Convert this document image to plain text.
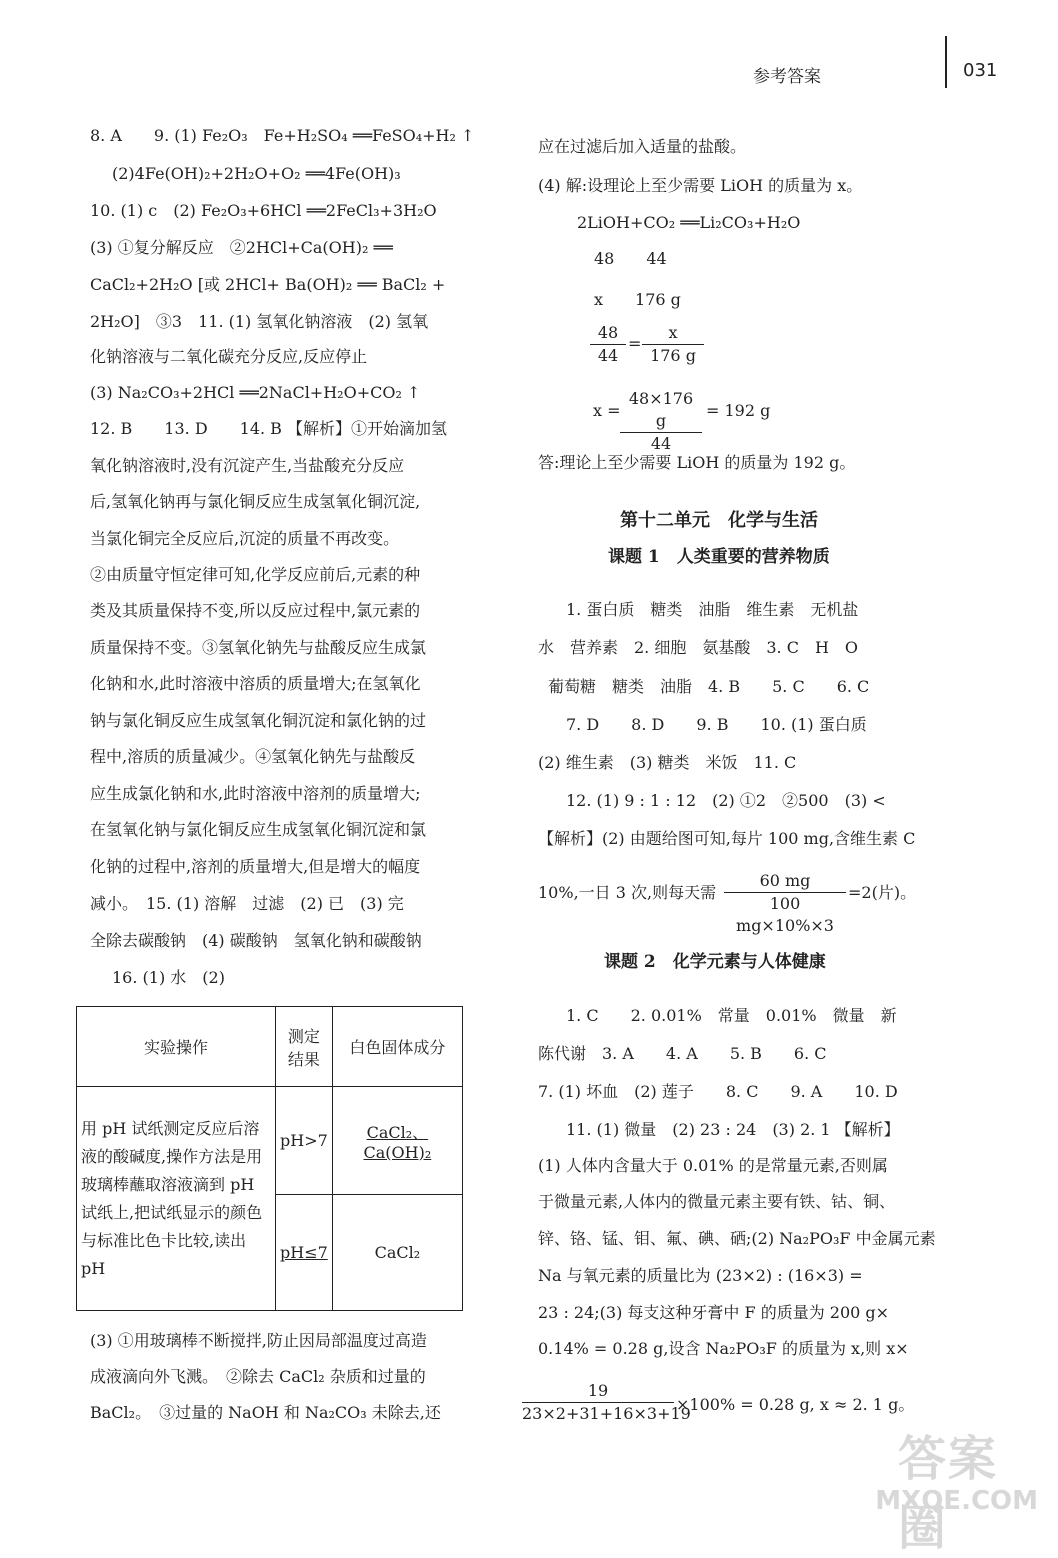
参考答案	031
8. A　　9. (1) Fe₂O₃　Fe+H₂SO₄ ══FeSO₄+H₂ ↑
(2)4Fe(OH)₂+2H₂O+O₂ ══4Fe(OH)₃
10. (1) c　(2) Fe₂O₃+6HCl ══2FeCl₃+3H₂O
(3) ①复分解反应　②2HCl+Ca(OH)₂ ══
CaCl₂+2H₂O [或 2HCl+ Ba(OH)₂ ══ BaCl₂ +
2H₂O]　③3　11. (1) 氢氧化钠溶液　(2) 氢氧
化钠溶液与二氧化碳充分反应,反应停止
(3) Na₂CO₃+2HCl ══2NaCl+H₂O+CO₂ ↑
12. B　　13. D　　14. B 【解析】①开始滴加氢
氧化钠溶液时,没有沉淀产生,当盐酸充分反应
后,氢氧化钠再与氯化铜反应生成氢氧化铜沉淀,
当氯化铜完全反应后,沉淀的质量不再改变。
②由质量守恒定律可知,化学反应前后,元素的种
类及其质量保持不变,所以反应过程中,氯元素的
质量保持不变。③氢氧化钠先与盐酸反应生成氯
化钠和水,此时溶液中溶质的质量增大;在氢氧化
钠与氯化铜反应生成氢氧化铜沉淀和氯化钠的过
程中,溶质的质量减少。④氢氧化钠先与盐酸反
应生成氯化钠和水,此时溶液中溶剂的质量增大;
在氢氧化钠与氯化铜反应生成氢氧化铜沉淀和氯
化钠的过程中,溶剂的质量增大,但是增大的幅度
减小。　15. (1) 溶解　过滤　(2) 已　(3) 完
全除去碳酸钠　(4) 碳酸钠　氢氧化钠和碳酸钠
16. (1) 水　(2)
实验操作	测定结果	白色固体成分
用 pH 试纸测定反应后溶液的酸碱度,操作方法是用玻璃棒蘸取溶液滴到 pH 试纸上,把试纸显示的颜色与标准比色卡比较,读出 pH	pH>7	CaCl₂、Ca(OH)₂
	pH≤7	CaCl₂
(3) ①用玻璃棒不断搅拌,防止因局部温度过高造
成液滴向外飞溅。　②除去 CaCl₂ 杂质和过量的
BaCl₂。　③过量的 NaOH 和 Na₂CO₃ 未除去,还
应在过滤后加入适量的盐酸。
(4) 解:设理论上至少需要 LiOH 的质量为 x。
2LiOH+CO₂ ══Li₂CO₃+H₂O
48　　44
x　　176 g
$\frac{48}{44} = \frac{x}{176 g}$
$x = \frac{48\times 176 g}{44} = 192$ g
答:理论上至少需要 LiOH 的质量为 192 g。
第十二单元　化学与生活
课题 1　人类重要的营养物质
1. 蛋白质　糖类　油脂　维生素　无机盐
水　营养素　2. 细胞　氨基酸　3. C　H　O
葡萄糖　糖类　油脂　4. B　　5. C　　6. C
7. D　　8. D　　9. B　　10. (1) 蛋白质
(2) 维生素　(3) 糖类　米饭　11. C
12. (1) 9 : 1 : 12　(2) ①2　②500　(3) <
【解析】(2) 由题给图可知,每片 100 mg,含维生素 C
10%,一日 3 次,则每天需 $\frac{60 mg}{100 mg\times 10\%\times 3} =2$(片)。
课题 2　化学元素与人体健康
1. C　　2. 0.01%　常量　0.01%　微量　新
陈代谢　3. A　　4. A　　5. B　　6. C
7. (1) 坏血　(2) 莲子　　8. C　　9. A　　10. D
11. (1) 微量　(2) 23 : 24　(3) 2. 1 【解析】
(1) 人体内含量大于 0.01% 的是常量元素,否则属
于微量元素,人体内的微量元素主要有铁、钴、铜、
锌、铬、锰、钼、氟、碘、硒;(2) Na₂PO₃F 中金属元素
Na 与氧元素的质量比为 (23×2) : (16×3) =
23 : 24;(3) 每支这种牙膏中 F 的质量为 200 g×
0.14% = 0.28 g,设含 Na₂PO₃F 的质量为 x,则 x×
$\frac{19}{23\times 2+31+16\times 3+19} \times 100\% = 0.28$ g, x ≈ 2. 1 g。
答案圈
MXQE.COM
